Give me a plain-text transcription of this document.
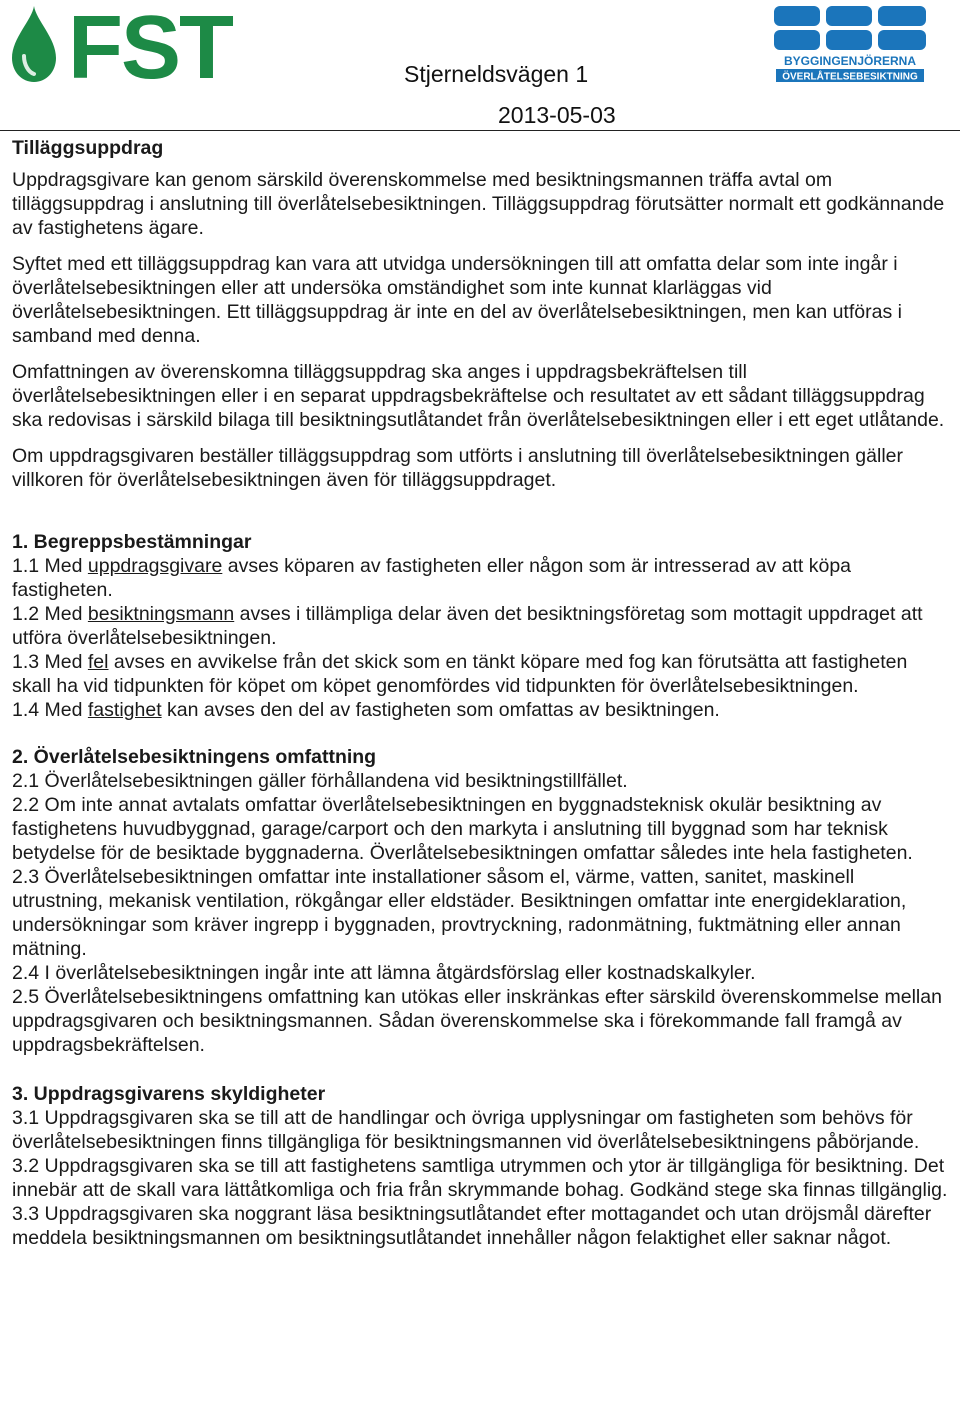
FST	Stjerneldsvägen 1
2013-05-03
BYGGINGENJÖRERNA
ÖVERLÅTELSEBESIKTNING

Tilläggsuppdrag

Uppdragsgivare kan genom särskild överenskommelse med besiktningsmannen träffa avtal om tilläggsuppdrag i anslutning till överlåtelsebesiktningen. Tilläggsuppdrag förutsätter normalt ett godkännande av fastighetens ägare.

Syftet med ett tilläggsuppdrag kan vara att utvidga undersökningen till att omfatta delar som inte ingår i överlåtelsebesiktningen eller att undersöka omständighet som inte kunnat klarläggas vid överlåtelsebesiktningen. Ett tilläggsuppdrag är inte en del av överlåtelsebesiktningen, men kan utföras i samband med denna.

Omfattningen av överenskomna tilläggsuppdrag ska anges i uppdragsbekräftelsen till överlåtelsebesiktningen eller i en separat uppdragsbekräftelse och resultatet av ett sådant tilläggsuppdrag ska redovisas i särskild bilaga till besiktningsutlåtandet från överlåtelsebesiktningen eller i ett eget utlåtande.

Om uppdragsgivaren beställer tilläggsuppdrag som utförts i anslutning till överlåtelsebesiktningen gäller villkoren för överlåtelsebesiktningen även för tilläggsuppdraget.

1. Begreppsbestämningar

1.1 Med uppdragsgivare avses köparen av fastigheten eller någon som är intresserad av att köpa fastigheten.

1.2 Med besiktningsmann avses i tillämpliga delar även det besiktningsföretag som mottagit uppdraget att utföra överlåtelsebesiktningen.

1.3 Med fel avses en avvikelse från det skick som en tänkt köpare med fog kan förutsätta att fastigheten skall ha vid tidpunkten för köpet om köpet genomfördes vid tidpunkten för överlåtelsebesiktningen.

1.4 Med fastighet kan avses den del av fastigheten som omfattas av besiktningen.

2. Överlåtelsebesiktningens omfattning

2.1 Överlåtelsebesiktningen gäller förhållandena vid besiktningstillfället.

2.2 Om inte annat avtalats omfattar överlåtelsebesiktningen en byggnadsteknisk okulär besiktning av fastighetens huvudbyggnad, garage/carport och den markyta i anslutning till byggnad som har teknisk betydelse för de besiktade byggnaderna. Överlåtelsebesiktningen omfattar således inte hela fastigheten.

2.3 Överlåtelsebesiktningen omfattar inte installationer såsom el, värme, vatten, sanitet, maskinell utrustning, mekanisk ventilation, rökgångar eller eldstäder. Besiktningen omfattar inte energideklaration, undersökningar som kräver ingrepp i byggnaden, provtryckning, radonmätning, fuktmätning eller annan mätning.

2.4 I överlåtelsebesiktningen ingår inte att lämna åtgärdsförslag eller kostnadskalkyler.

2.5 Överlåtelsebesiktningens omfattning kan utökas eller inskränkas efter särskild överenskommelse mellan uppdragsgivaren och besiktningsmannen. Sådan överenskommelse ska i förekommande fall framgå av uppdragsbekräftelsen.

3. Uppdragsgivarens skyldigheter

3.1 Uppdragsgivaren ska se till att de handlingar och övriga upplysningar om fastigheten som behövs för överlåtelsebesiktningen finns tillgängliga för besiktningsmannen vid överlåtelsebesiktningens påbörjande.

3.2 Uppdragsgivaren ska se till att fastighetens samtliga utrymmen och ytor är tillgängliga för besiktning. Det innebär att de skall vara lättåtkomliga och fria från skrymmande bohag. Godkänd stege ska finnas tillgänglig.

3.3 Uppdragsgivaren ska noggrant läsa besiktningsutlåtandet efter mottagandet och utan dröjsmål därefter meddela besiktningsmannen om besiktningsutlåtandet innehåller någon felaktighet eller saknar något.
